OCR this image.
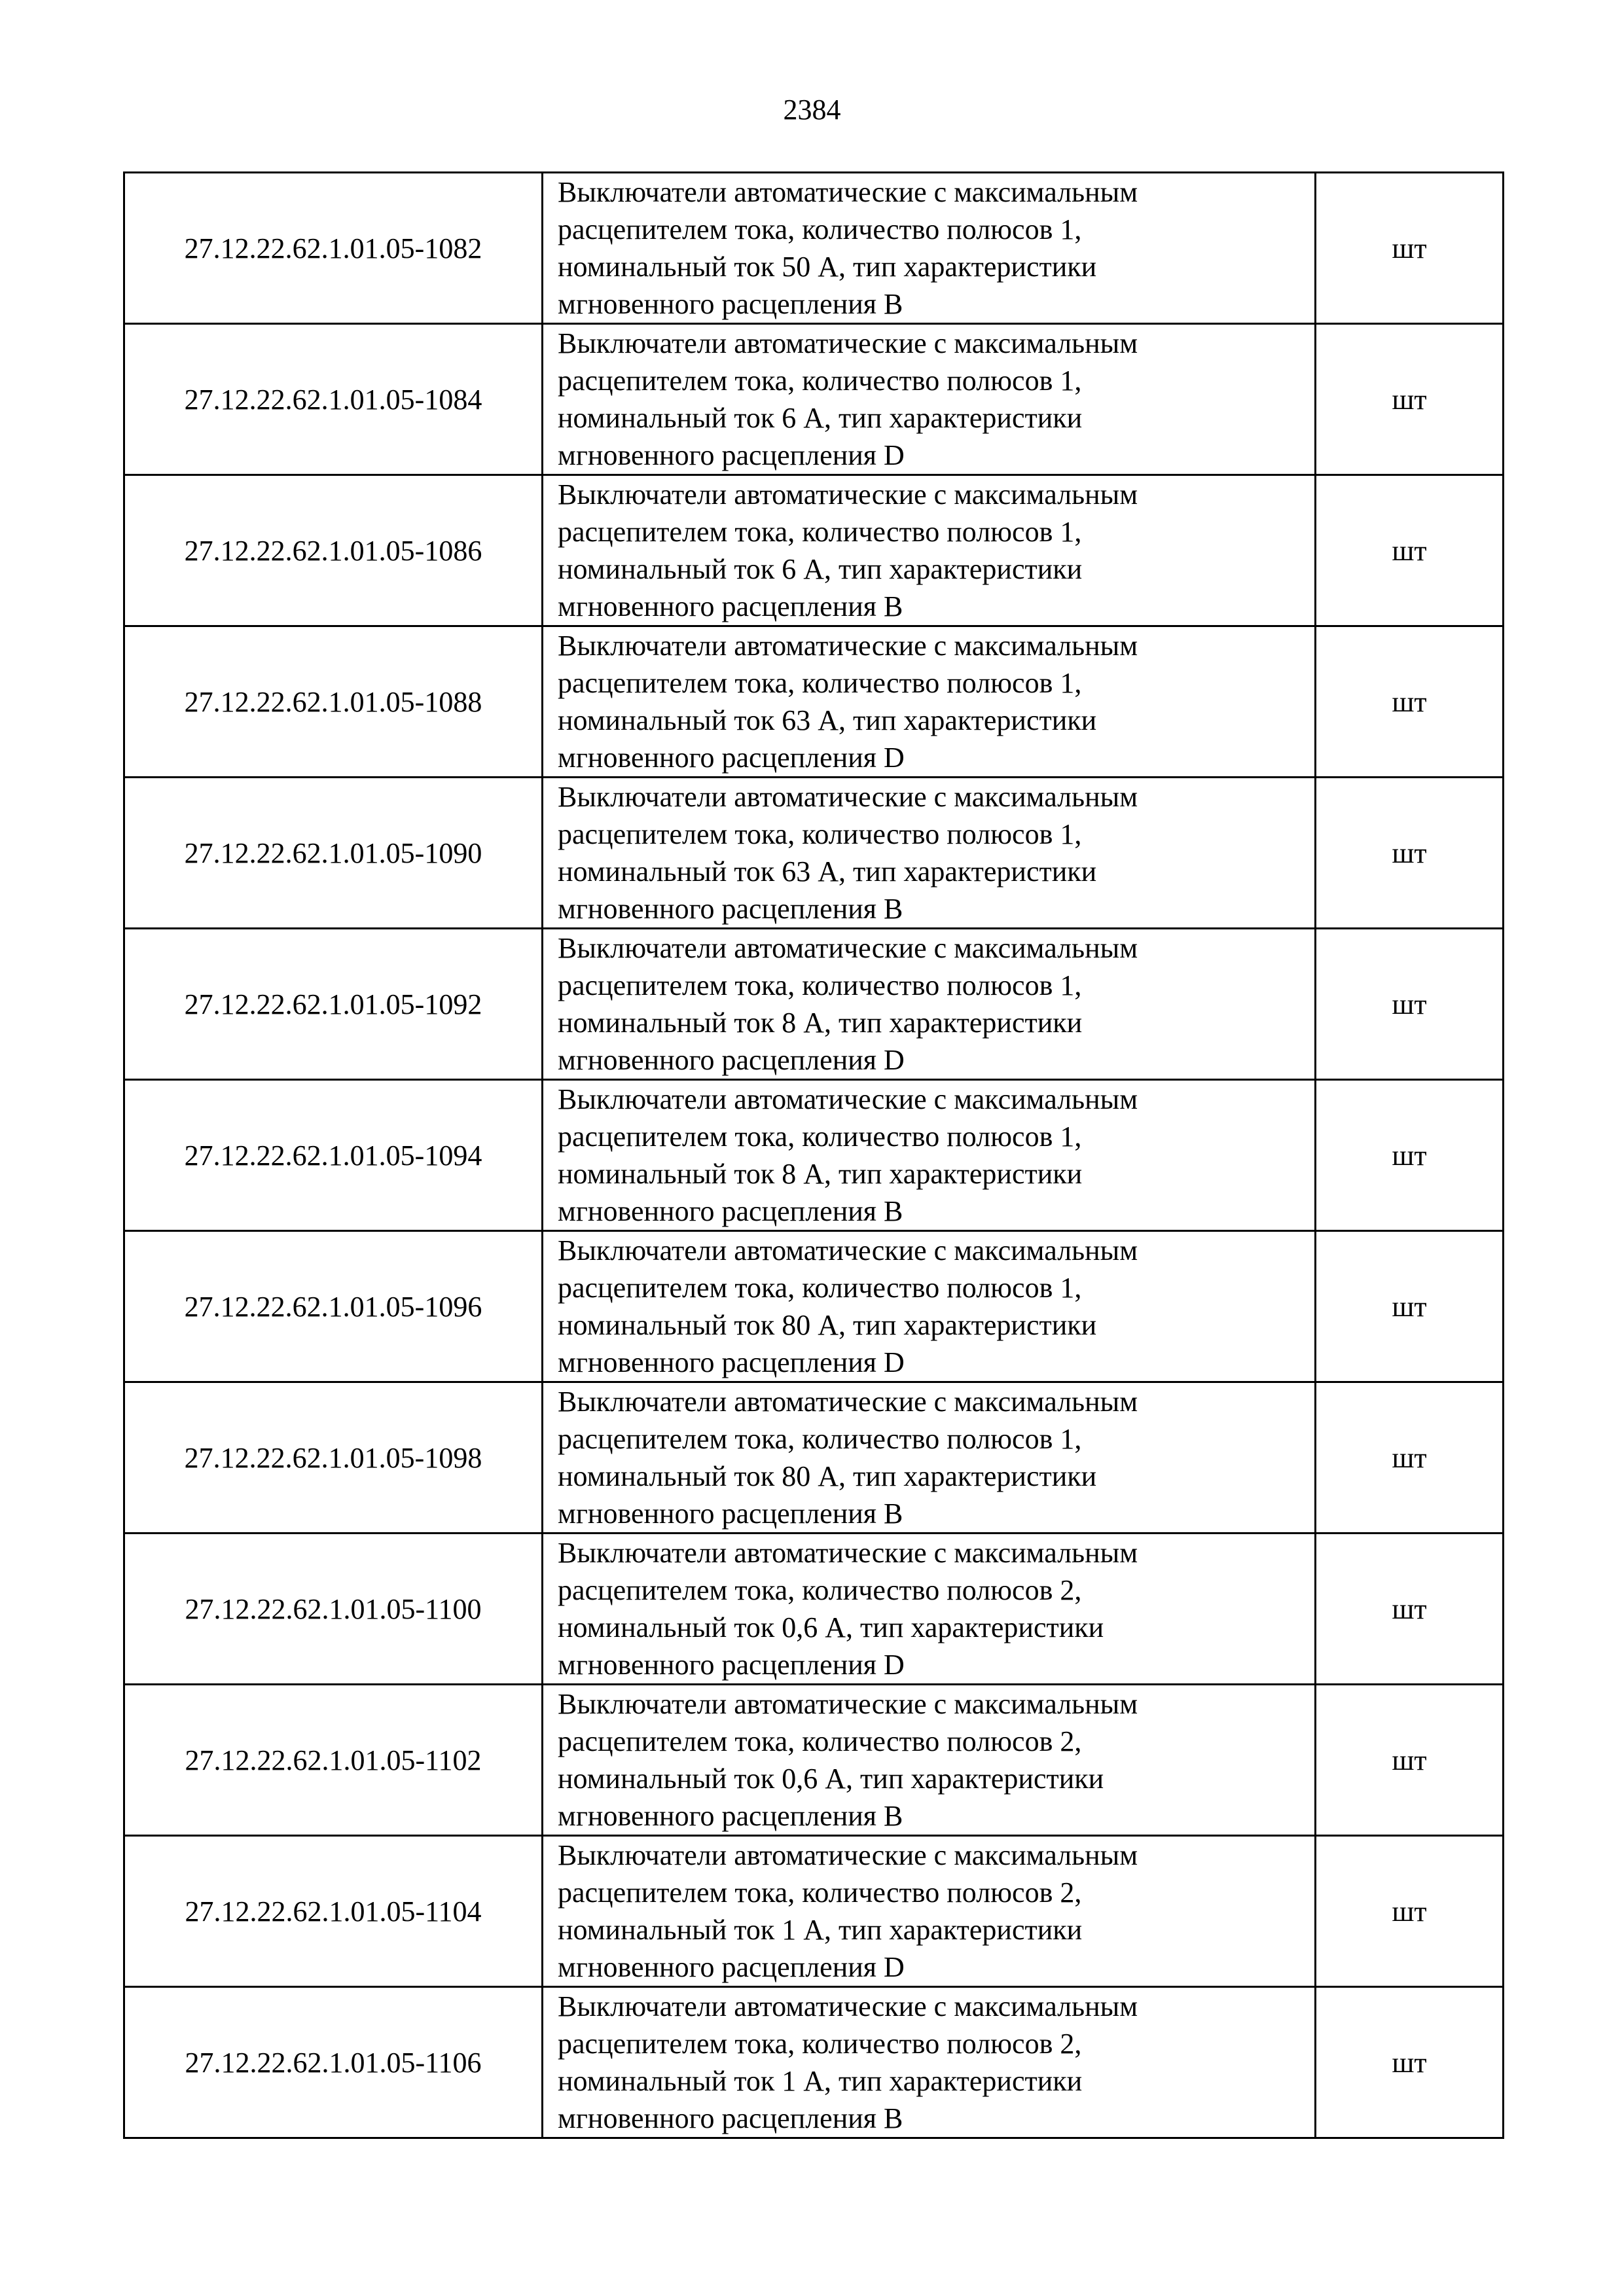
2384
27.12.22.62.1.01.05-1082	Выключатели автоматические с максимальным
расцепителем тока, количество полюсов 1,
номинальный ток 50 А, тип характеристики
мгновенного расцепления B	шт
27.12.22.62.1.01.05-1084	Выключатели автоматические с максимальным
расцепителем тока, количество полюсов 1,
номинальный ток 6 А, тип характеристики
мгновенного расцепления D	шт
27.12.22.62.1.01.05-1086	Выключатели автоматические с максимальным
расцепителем тока, количество полюсов 1,
номинальный ток 6 А, тип характеристики
мгновенного расцепления B	шт
27.12.22.62.1.01.05-1088	Выключатели автоматические с максимальным
расцепителем тока, количество полюсов 1,
номинальный ток 63 А, тип характеристики
мгновенного расцепления D	шт
27.12.22.62.1.01.05-1090	Выключатели автоматические с максимальным
расцепителем тока, количество полюсов 1,
номинальный ток 63 А, тип характеристики
мгновенного расцепления B	шт
27.12.22.62.1.01.05-1092	Выключатели автоматические с максимальным
расцепителем тока, количество полюсов 1,
номинальный ток 8 А, тип характеристики
мгновенного расцепления D	шт
27.12.22.62.1.01.05-1094	Выключатели автоматические с максимальным
расцепителем тока, количество полюсов 1,
номинальный ток 8 А, тип характеристики
мгновенного расцепления B	шт
27.12.22.62.1.01.05-1096	Выключатели автоматические с максимальным
расцепителем тока, количество полюсов 1,
номинальный ток 80 А, тип характеристики
мгновенного расцепления D	шт
27.12.22.62.1.01.05-1098	Выключатели автоматические с максимальным
расцепителем тока, количество полюсов 1,
номинальный ток 80 А, тип характеристики
мгновенного расцепления B	шт
27.12.22.62.1.01.05-1100	Выключатели автоматические с максимальным
расцепителем тока, количество полюсов 2,
номинальный ток 0,6 А, тип характеристики
мгновенного расцепления D	шт
27.12.22.62.1.01.05-1102	Выключатели автоматические с максимальным
расцепителем тока, количество полюсов 2,
номинальный ток 0,6 А, тип характеристики
мгновенного расцепления B	шт
27.12.22.62.1.01.05-1104	Выключатели автоматические с максимальным
расцепителем тока, количество полюсов 2,
номинальный ток 1 А, тип характеристики
мгновенного расцепления D	шт
27.12.22.62.1.01.05-1106	Выключатели автоматические с максимальным
расцепителем тока, количество полюсов 2,
номинальный ток 1 А, тип характеристики
мгновенного расцепления B	шт
